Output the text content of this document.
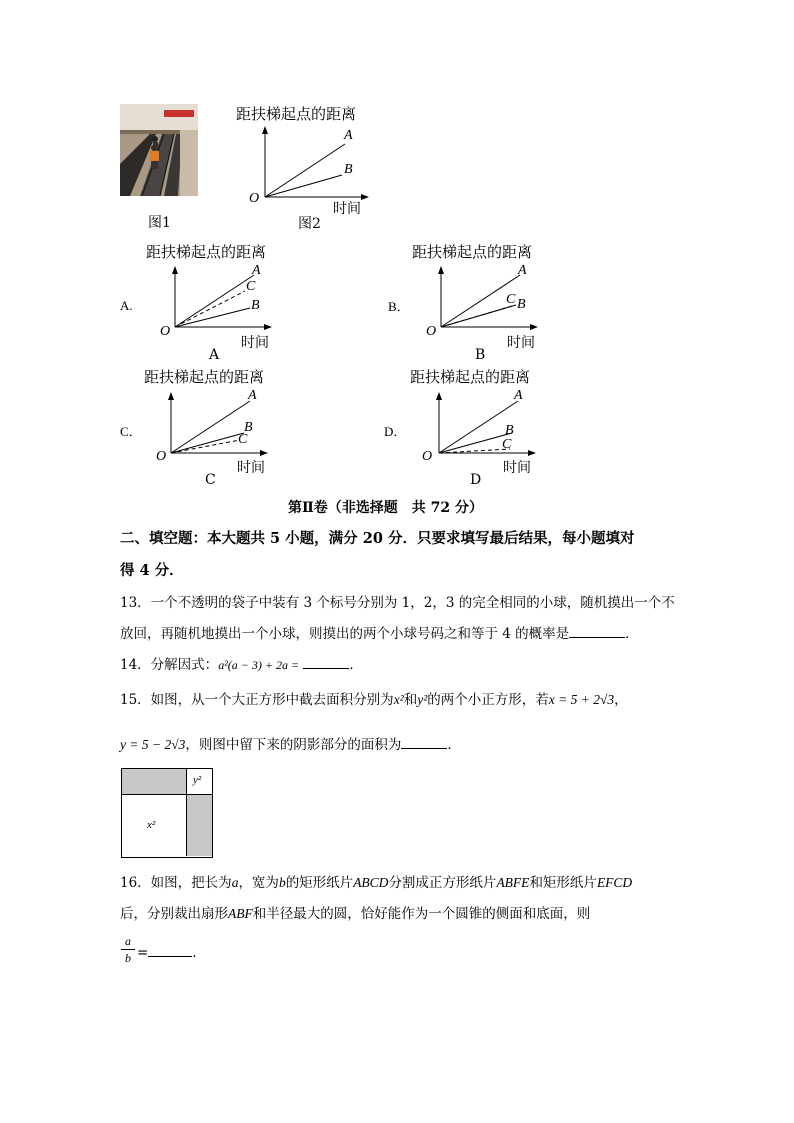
图1
距扶梯起点的距离
A
B
O
时间
图2
A.
距扶梯起点的距离
A
C
B
O
时间
A
B．
距扶梯起点的距离
A
C B
O
时间
B
C．
距扶梯起点的距离
A
B
C
O
时间
C
D．
距扶梯起点的距离
A
B
C
O
时间
D
第Ⅱ卷（非选择题　共 72 分）
二、填空题：本大题共 5 小题，满分 20 分．只要求填写最后结果，每小题填对
得 4 分．
13．一个不透明的袋子中装有 3 个标号分别为 1，2，3 的完全相同的小球，随机摸出一个不
放回，再随机地摸出一个小球，则摸出的两个小球号码之和等于 4 的概率是	．
14．分解因式：a²(a − 3) + 2a =	．
15．如图，从一个大正方形中截去面积分别为x²和y²的两个小正方形，若x = 5 + 2√3，
y = 5 − 2√3，则图中留下来的阴影部分的面积为	．
y²
x²
16．如图，把长为a，宽为b的矩形纸片ABCD分割成正方形纸片ABFE和矩形纸片EFCD
后，分别裁出扇形ABF和半径最大的圆，恰好能作为一个圆锥的侧面和底面，则
a
b =	．
